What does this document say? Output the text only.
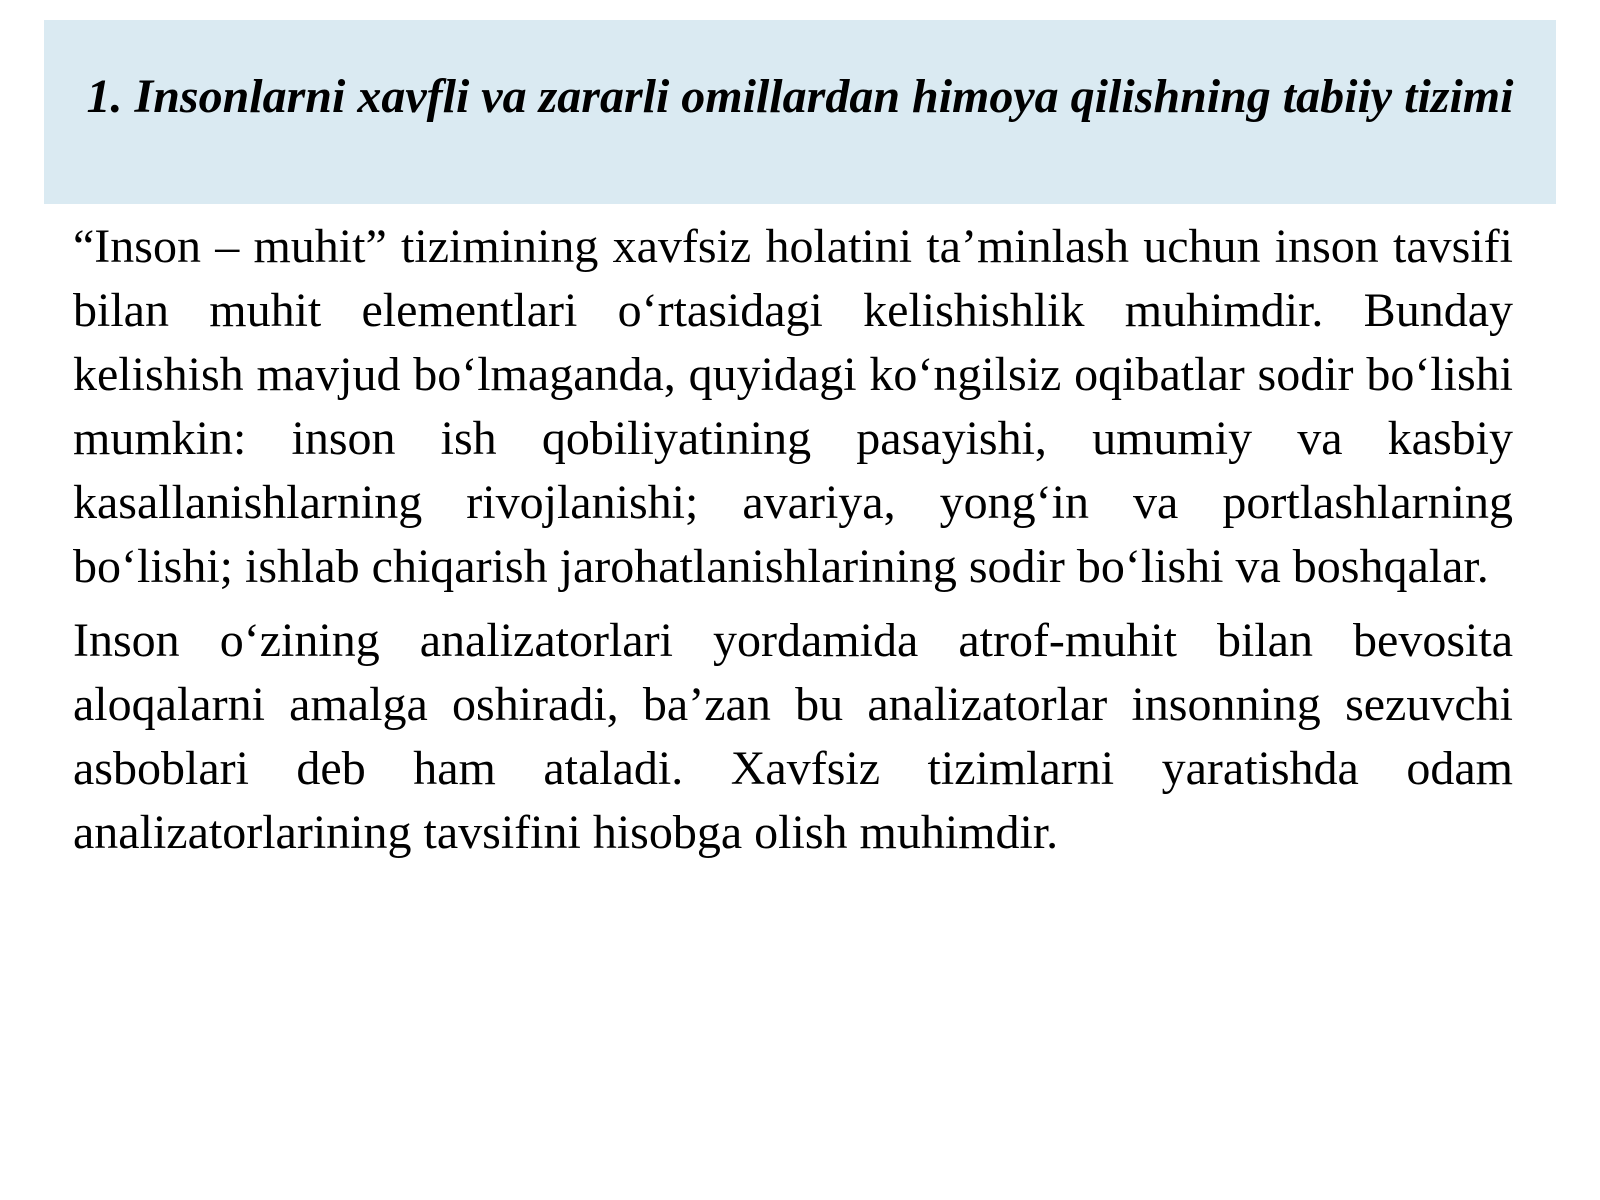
1. Insonlarni xavfli va zararli omillardan himoya qilishning tabiiy tizimi

“Inson – muhit” tizimining xavfsiz holatini ta’minlash uchun inson tavsifi bilan muhit elementlari o‘rtasidagi kelishishlik muhimdir. Bunday kelishish mavjud bo‘lmaganda, quyidagi ko‘ngilsiz oqibatlar sodir bo‘lishi mumkin: inson ish qobiliyatining pasayishi, umumiy va kasbiy kasallanishlarning rivojlanishi; avariya, yong‘in va portlashlarning bo‘lishi; ishlab chiqarish jarohatlanishlarining sodir bo‘lishi va boshqalar.

Inson o‘zining analizatorlari yordamida atrof-muhit bilan bevosita aloqalarni amalga oshiradi, ba’zan bu analizatorlar insonning sezuvchi asboblari deb ham ataladi. Xavfsiz tizimlarni yaratishda odam analizatorlarining tavsifini hisobga olish muhimdir.
